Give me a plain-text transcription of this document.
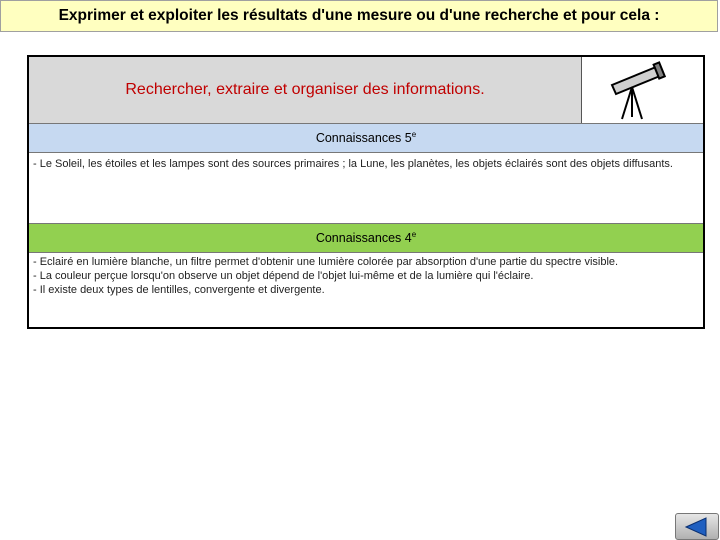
Exprimer et exploiter les résultats d'une mesure ou d'une recherche et pour cela :
Rechercher, extraire et organiser des informations.
Connaissances 5e
- Le Soleil, les étoiles et les lampes sont des sources primaires ; la Lune, les planètes, les objets éclairés sont des objets diffusants.
Connaissances 4e
- Eclairé en lumière blanche, un filtre permet d'obtenir une lumière colorée par absorption d'une partie du spectre visible.
- La couleur perçue lorsqu'on observe un objet dépend de l'objet lui-même et de la lumière qui l'éclaire.
- Il existe deux types de lentilles, convergente et divergente.
